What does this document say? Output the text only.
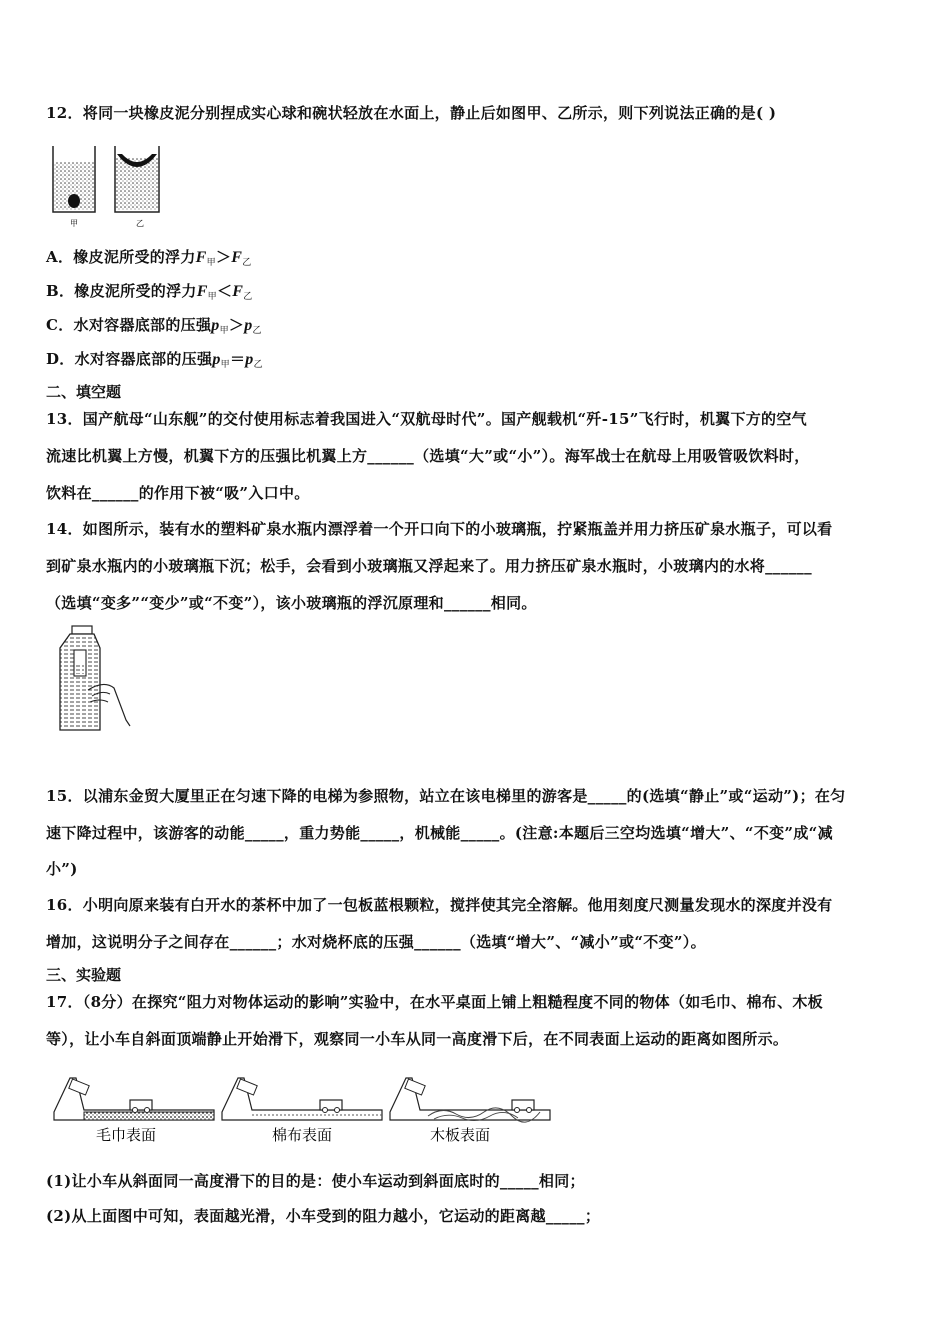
12．将同一块橡皮泥分别捏成实心球和碗状轻放在水面上，静止后如图甲、乙所示，则下列说法正确的是( )
甲	乙
A．橡皮泥所受的浮力$F_甲>F_乙$
B．橡皮泥所受的浮力$F_甲<F_乙$
C．水对容器底部的压强$p_甲>p_乙$
D．水对容器底部的压强$p_甲=p_乙$
二、填空题
13．国产航母“山东舰”的交付使用标志着我国进入“双航母时代”。国产舰载机“歼-15”飞行时，机翼下方的空气
流速比机翼上方慢，机翼下方的压强比机翼上方______（选填“大”或“小”）。海军战士在航母上用吸管吸饮料时，
饮料在______的作用下被“吸”入口中。
14．如图所示，装有水的塑料矿泉水瓶内漂浮着一个开口向下的小玻璃瓶，拧紧瓶盖并用力挤压矿泉水瓶子，可以看
到矿泉水瓶内的小玻璃瓶下沉；松手，会看到小玻璃瓶又浮起来了。用力挤压矿泉水瓶时，小玻璃内的水将______
（选填“变多”“变少”或“不变”），该小玻璃瓶的浮沉原理和______相同。
15．以浦东金贸大厦里正在匀速下降的电梯为参照物，站立在该电梯里的游客是_____的(选填“静止”或“运动”)；在匀
速下降过程中，该游客的动能_____，重力势能_____，机械能_____。(注意:本题后三空均选填“增大”、“不变”成“减
小”)
16．小明向原来装有白开水的茶杯中加了一包板蓝根颗粒，搅拌使其完全溶解。他用刻度尺测量发现水的深度并没有
增加，这说明分子之间存在______；水对烧杯底的压强______（选填“增大”、“减小”或“不变”）。
三、实验题
17．（8分）在探究“阻力对物体运动的影响”实验中，在水平桌面上铺上粗糙程度不同的物体（如毛巾、棉布、木板
等），让小车自斜面顶端静止开始滑下，观察同一小车从同一高度滑下后，在不同表面上运动的距离如图所示。
毛巾表面	棉布表面	木板表面
(1)让小车从斜面同一高度滑下的目的是：使小车运动到斜面底时的_____相同；
(2)从上面图中可知，表面越光滑，小车受到的阻力越小，它运动的距离越_____；
